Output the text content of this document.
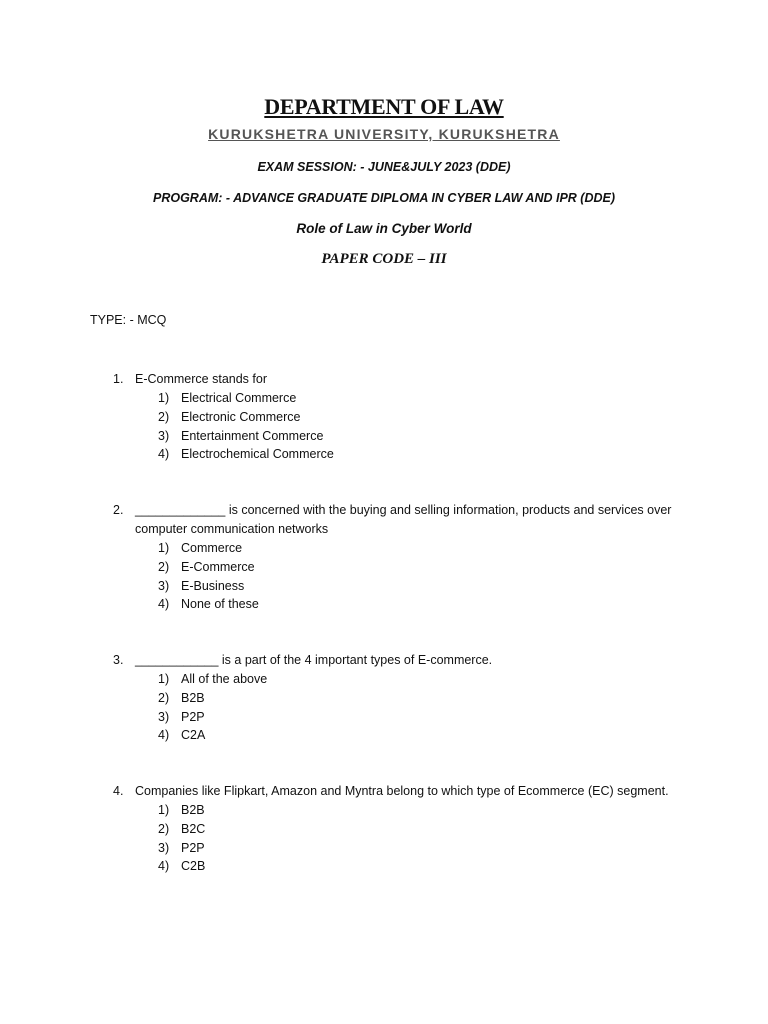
DEPARTMENT OF LAW
KURUKSHETRA UNIVERSITY, KURUKSHETRA
EXAM SESSION: - JUNE&JULY 2023 (DDE)
PROGRAM: - ADVANCE GRADUATE DIPLOMA IN CYBER LAW AND IPR (DDE)
Role of Law in Cyber World
PAPER CODE – III
TYPE: - MCQ
1. E-Commerce stands for
1) Electrical Commerce
2) Electronic Commerce
3) Entertainment Commerce
4) Electrochemical Commerce
2. _____________ is concerned with the buying and selling information, products and services over computer communication networks
1) Commerce
2) E-Commerce
3) E-Business
4) None of these
3. ____________ is a part of the 4 important types of E-commerce.
1) All of the above
2) B2B
3) P2P
4) C2A
4. Companies like Flipkart, Amazon and Myntra belong to which type of Ecommerce (EC) segment.
1) B2B
2) B2C
3) P2P
4) C2B
